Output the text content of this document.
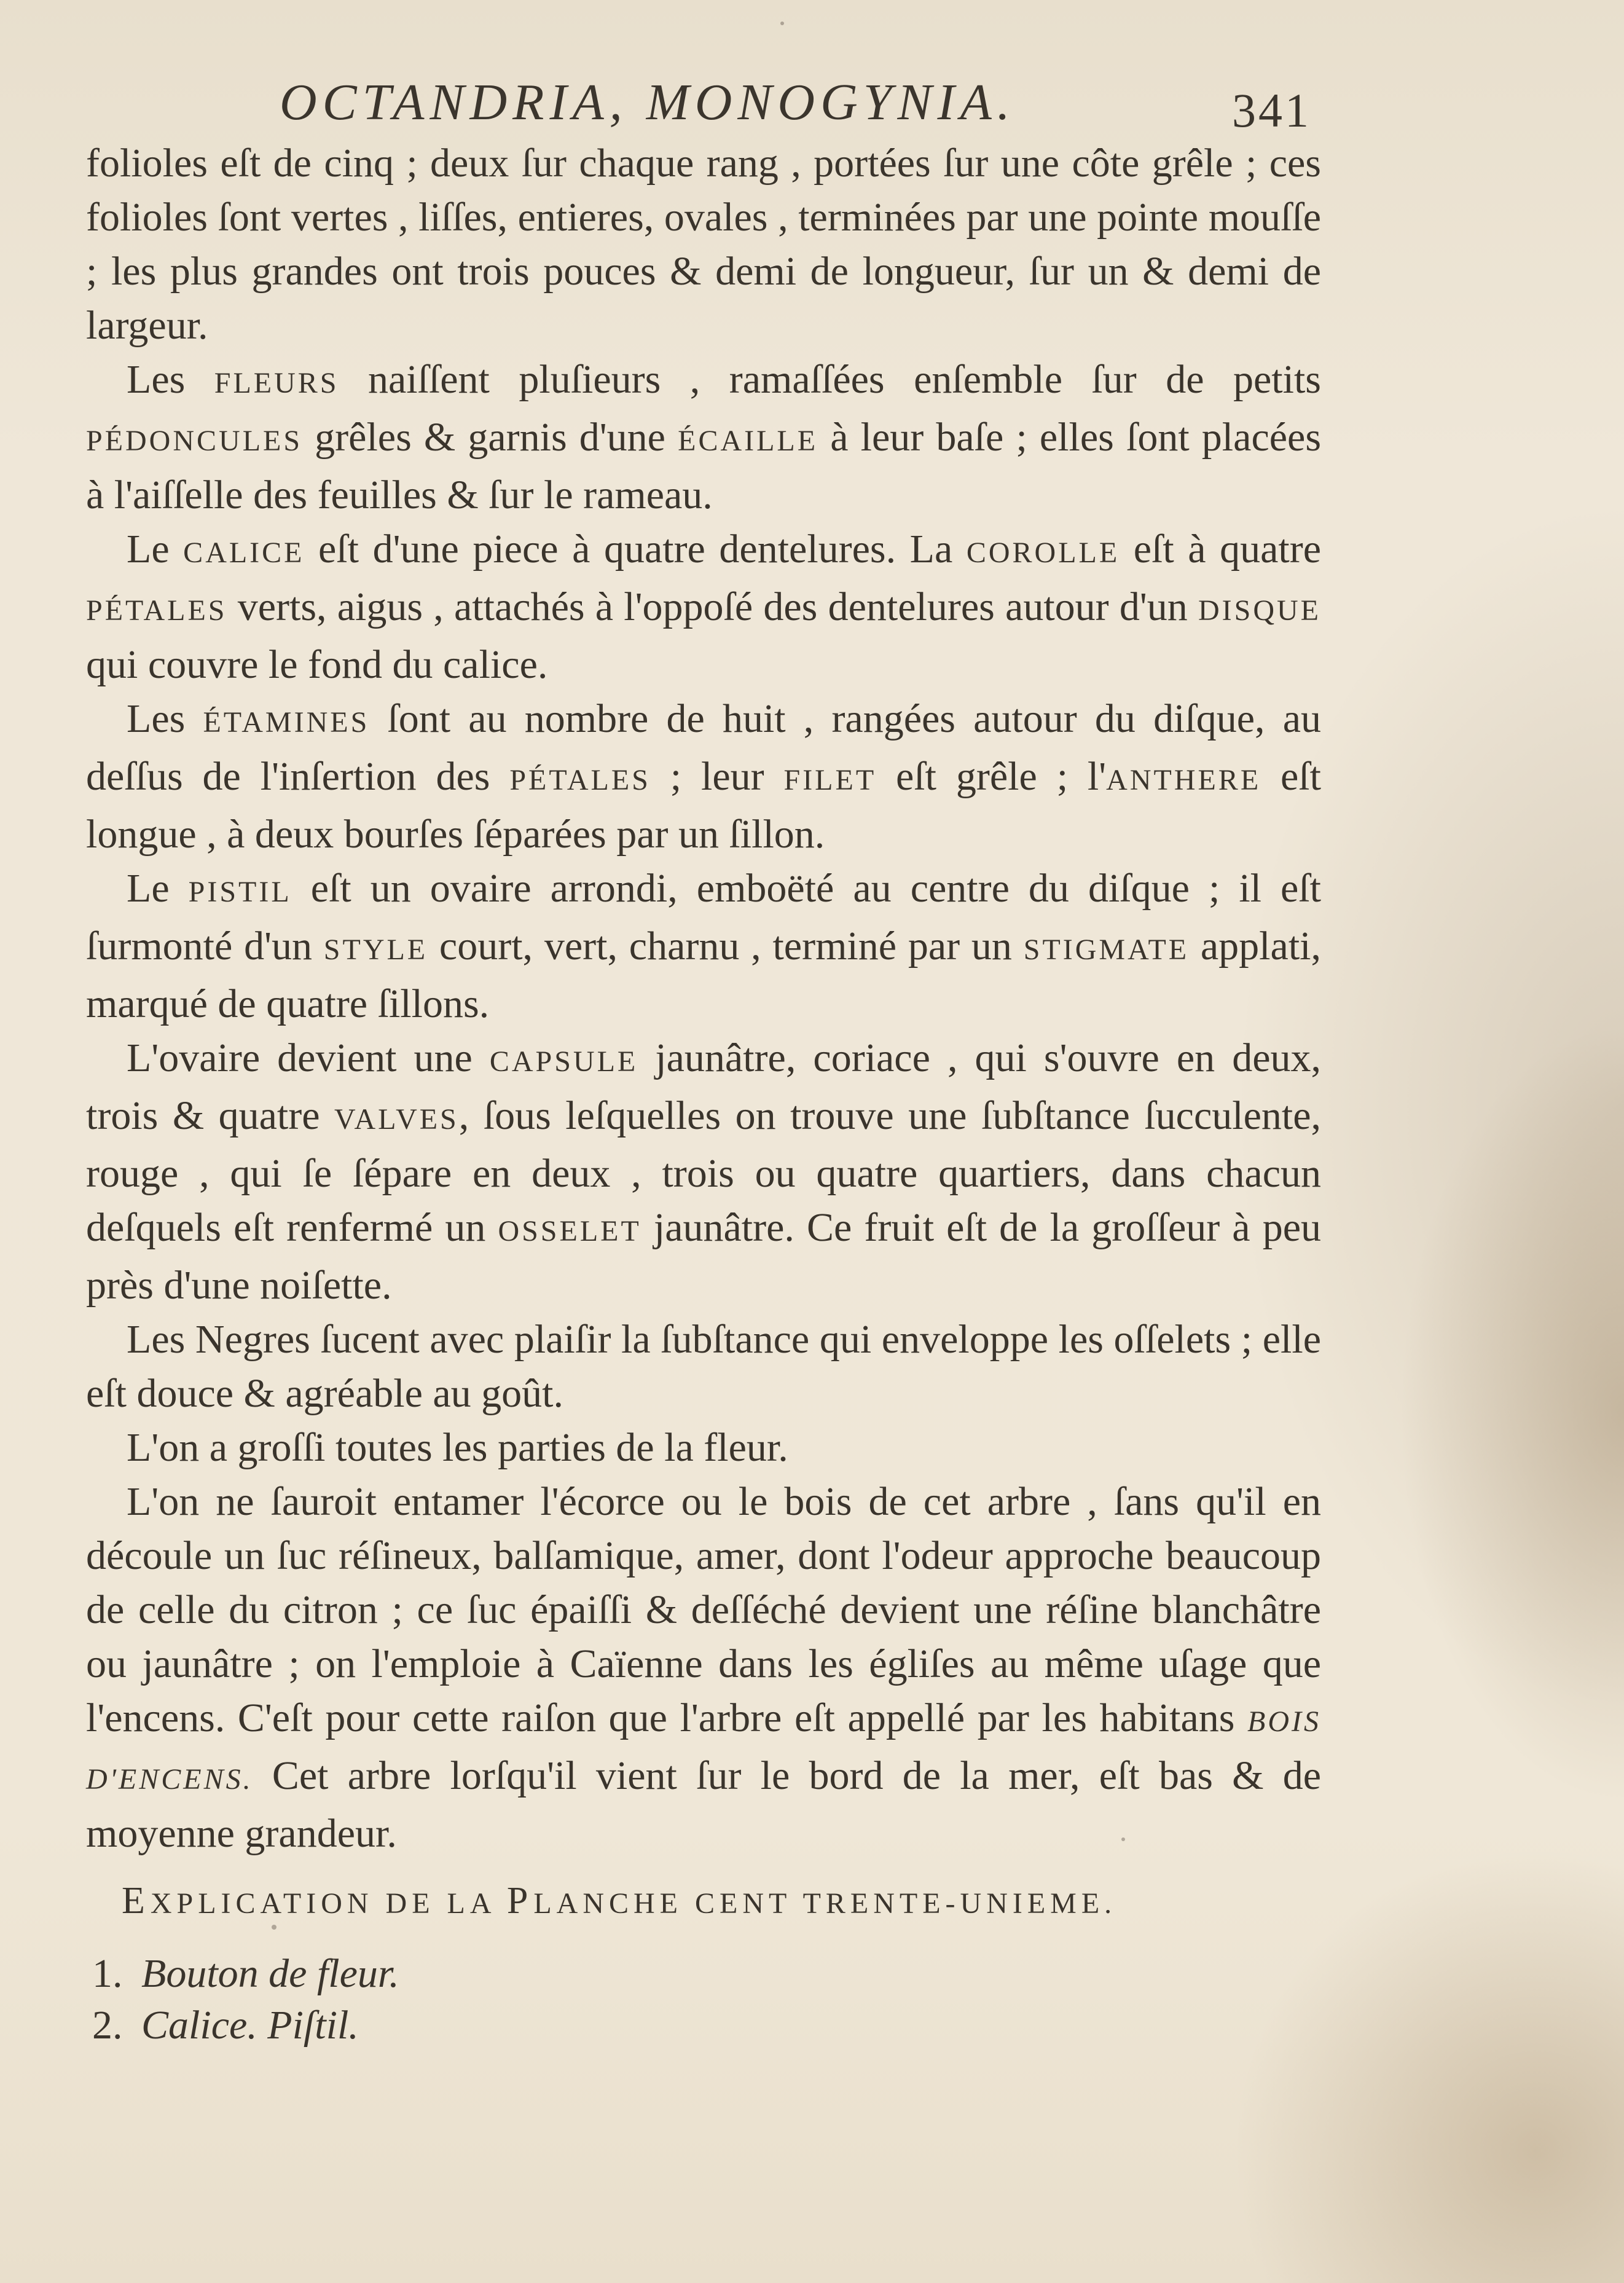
OCTANDRIA, MONOGYNIA.	341

folioles eſt de cinq ; deux ſur chaque rang , portées ſur une côte grêle ; ces folioles ſont vertes , liſſes, entieres, ovales , terminées par une pointe mouſſe ; les plus grandes ont trois pouces & demi de longueur, ſur un & demi de largeur.

Les FLEURS naiſſent pluſieurs , ramaſſées enſemble ſur de petits PÉDONCULES grêles & garnis d'une ÉCAILLE à leur baſe ; elles ſont placées à l'aiſſelle des feuilles & ſur le rameau.

Le CALICE eſt d'une piece à quatre dentelures. La COROLLE eſt à quatre PÉTALES verts, aigus , attachés à l'oppoſé des dentelures autour d'un DISQUE qui couvre le fond du calice.

Les ÉTAMINES ſont au nombre de huit , rangées autour du diſque, au deſſus de l'inſertion des PÉTALES ; leur FILET eſt grêle ; l'ANTHERE eſt longue , à deux bourſes ſéparées par un ſillon.

Le PISTIL eſt un ovaire arrondi, emboëté au centre du diſque ; il eſt ſurmonté d'un STYLE court, vert, charnu , terminé par un STIGMATE applati, marqué de quatre ſillons.

L'ovaire devient une CAPSULE jaunâtre, coriace , qui s'ouvre en deux, trois & quatre VALVES, ſous leſquelles on trouve une ſubſtance ſucculente, rouge , qui ſe ſépare en deux , trois ou quatre quartiers, dans chacun deſquels eſt renfermé un OSSELET jaunâtre. Ce fruit eſt de la groſſeur à peu près d'une noiſette.

Les Negres ſucent avec plaiſir la ſubſtance qui enveloppe les oſſelets ; elle eſt douce & agréable au goût.

L'on a groſſi toutes les parties de la fleur.

L'on ne ſauroit entamer l'écorce ou le bois de cet arbre , ſans qu'il en découle un ſuc réſineux, balſamique, amer, dont l'odeur approche beaucoup de celle du citron ; ce ſuc épaiſſi & deſſéché devient une réſine blanchâtre ou jaunâtre ; on l'emploie à Caïenne dans les égliſes au même uſage que l'encens. C'eſt pour cette raiſon que l'arbre eſt appellé par les habitans BOIS D'ENCENS. Cet arbre lorſqu'il vient ſur le bord de la mer, eſt bas & de moyenne grandeur.

EXPLICATION DE LA PLANCHE CENT TRENTE-UNIEME.
1. Bouton de fleur.
2. Calice. Piſtil.
